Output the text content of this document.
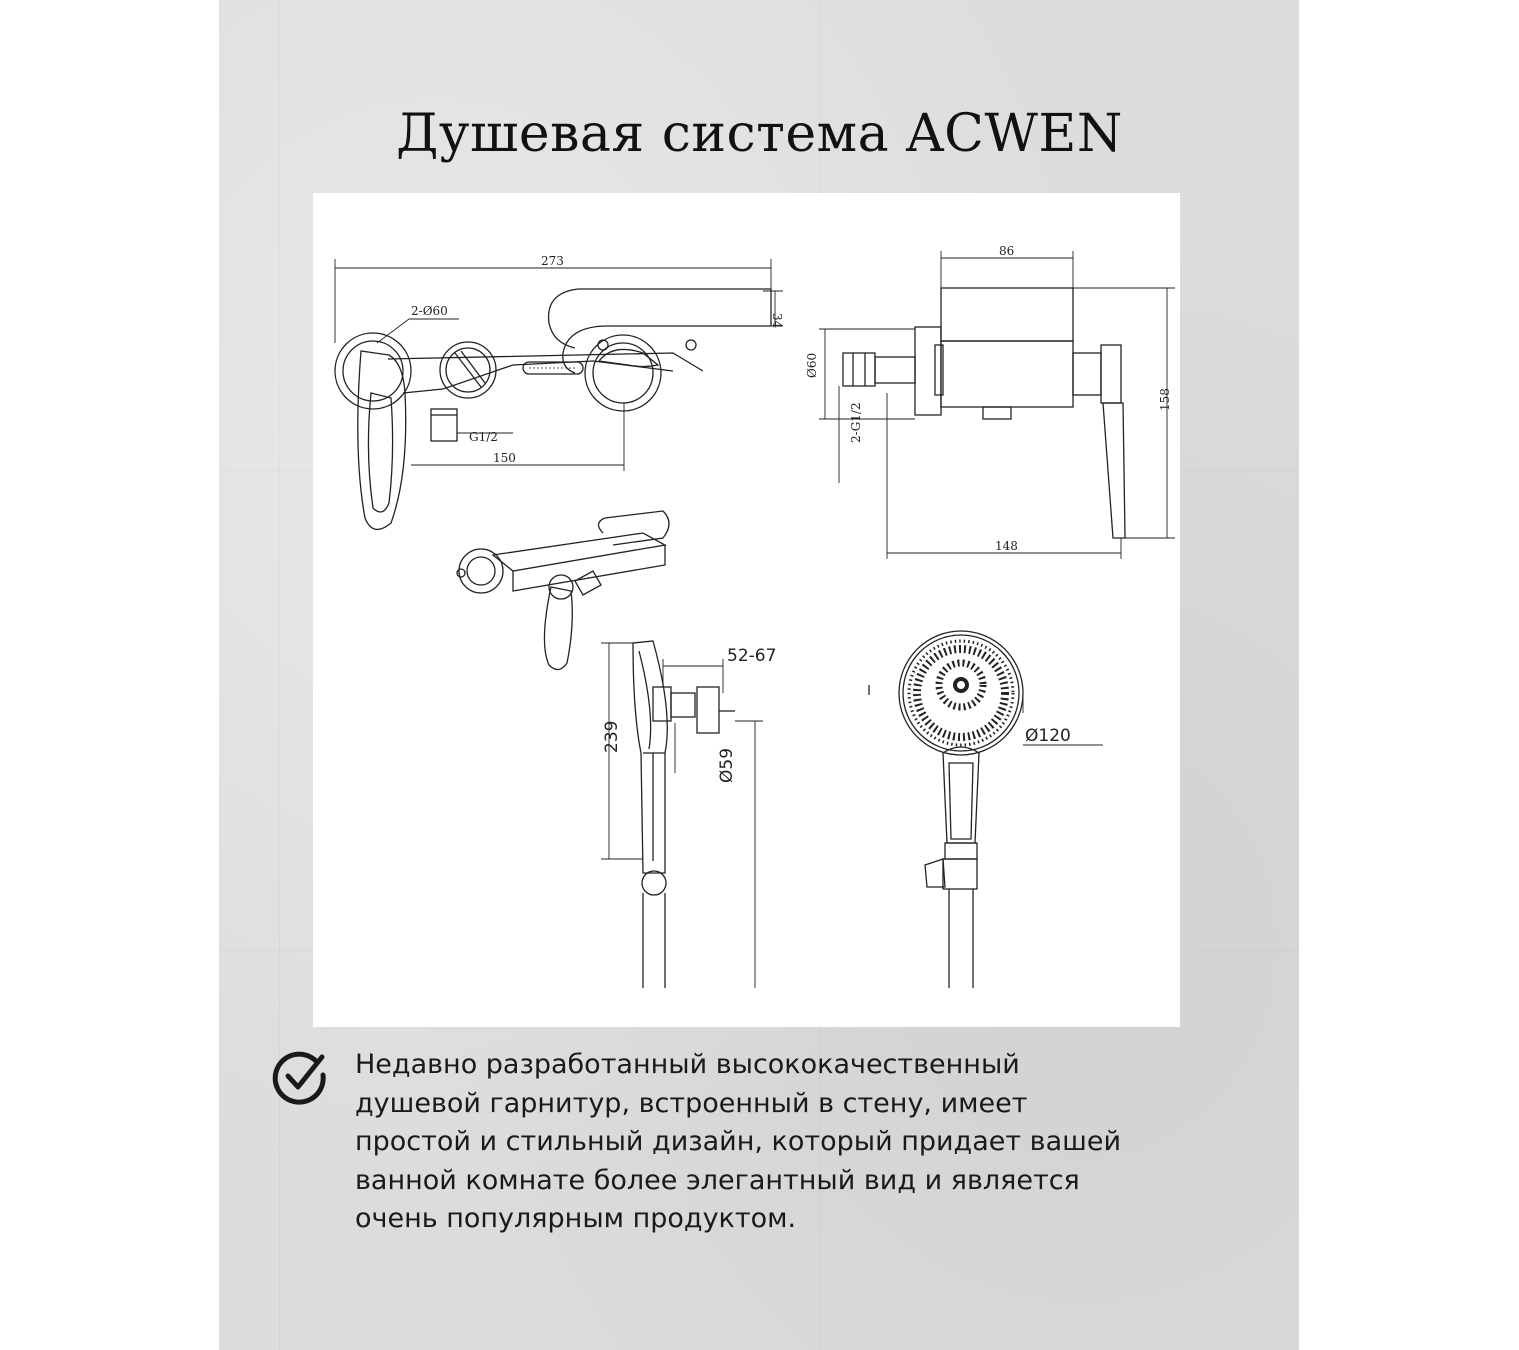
Душевая система ACWEN
273
34
2-Ø60
G1/2
150
86
Ø60
2-G1/2
158
148
52-67
239
Ø59
Ø120

Недавно разработанный высококачественный
душевой гарнитур, встроенный в стену, имеет
простой и стильный дизайн, который придает вашей
ванной комнате более элегантный вид и является
очень популярным продуктом.
